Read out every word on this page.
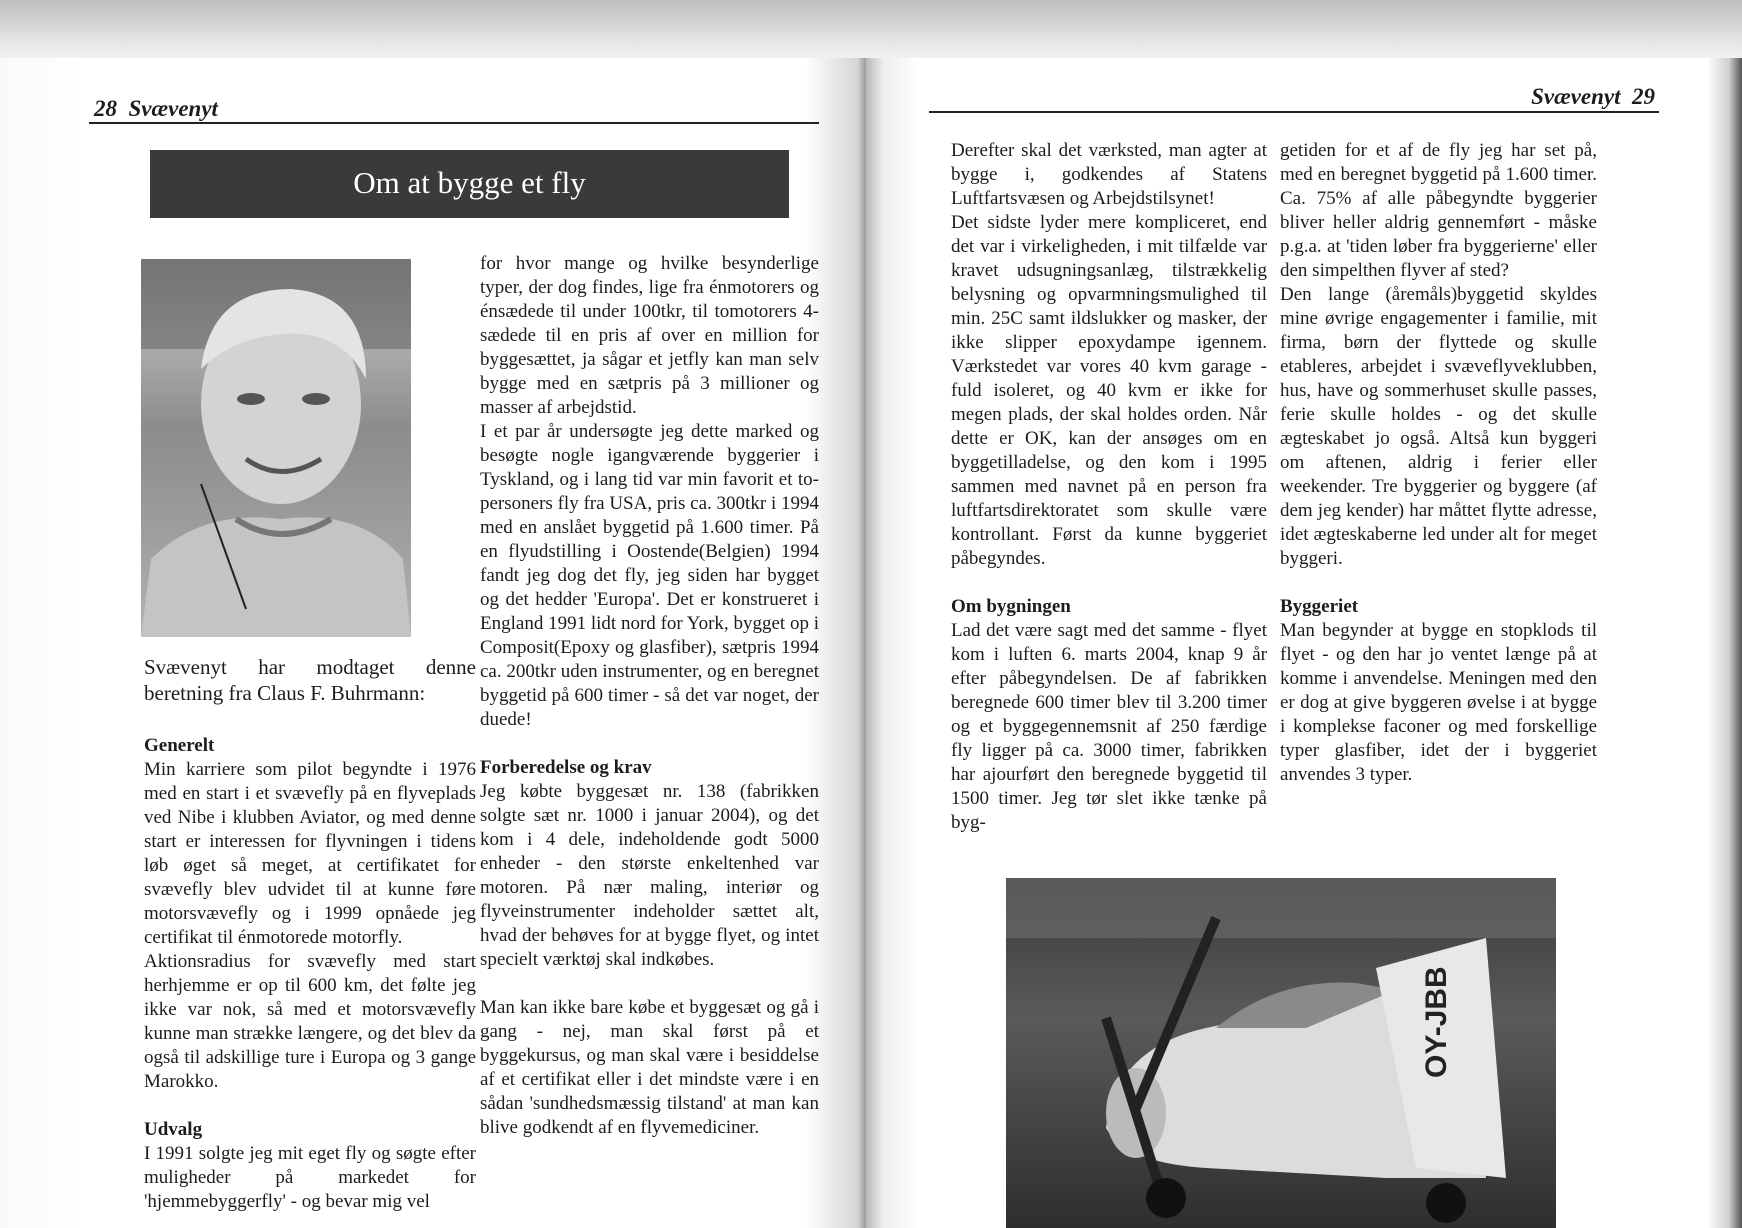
28 Svævenyt
Om at bygge et fly
Svævenyt har modtaget denne beretning fra Claus F. Buhrmann:
Generelt

Min karriere som pilot begyndte i 1976 med en start i et svævefly på en flyveplads ved Nibe i klubben Aviator, og med denne start er interessen for flyvningen i tidens løb øget så meget, at certifikatet for svævefly blev udvidet til at kunne føre motorsvævefly og i 1999 opnåede jeg certifikat til énmotorede motorfly.

Aktionsradius for svævefly med start herhjemme er op til 600 km, det følte jeg ikke var nok, så med et motorsvævefly kunne man strække længere, og det blev da også til adskillige ture i Europa og 3 gange Marokko.

Udvalg

I 1991 solgte jeg mit eget fly og søgte efter muligheder på markedet for 'hjemmebyggerfly' - og bevar mig vel

for hvor mange og hvilke besynderlige typer, der dog findes, lige fra énmotorers og énsædede til under 100tkr, til tomotorers 4-sædede til en pris af over en million for byggesættet, ja sågar et jetfly kan man selv bygge med en sætpris på 3 millioner og masser af arbejdstid.

I et par år undersøgte jeg dette marked og besøgte nogle igangværende byggerier i Tyskland, og i lang tid var min favorit et to-personers fly fra USA, pris ca. 300tkr i 1994 med en anslået byggetid på 1.600 timer. På en flyudstilling i Oostende(Belgien) 1994 fandt jeg dog det fly, jeg siden har bygget og det hedder 'Europa'. Det er konstrueret i England 1991 lidt nord for York, bygget op i Composit(Epoxy og glasfiber), sætpris 1994 ca. 200tkr uden instrumenter, og en beregnet byggetid på 600 timer - så det var noget, der duede!

Forberedelse og krav

Jeg købte byggesæt nr. 138 (fabrikken solgte sæt nr. 1000 i januar 2004), og det kom i 4 dele, indeholdende godt 5000 enheder - den største enkeltenhed var motoren. På nær maling, interiør og flyveinstrumenter indeholder sættet alt, hvad der behøves for at bygge flyet, og intet specielt værktøj skal indkøbes.

Man kan ikke bare købe et byggesæt og gå i gang - nej, man skal først på et byggekursus, og man skal være i besiddelse af et certifikat eller i det mindste være i en sådan 'sundhedsmæssig tilstand' at man kan blive godkendt af en flyvemediciner.

Svævenyt 29

Derefter skal det værksted, man agter at bygge i, godkendes af Statens Luftfartsvæsen og Arbejdstilsynet!

Det sidste lyder mere kompliceret, end det var i virkeligheden, i mit tilfælde var kravet udsugningsanlæg, tilstrækkelig belysning og opvarmningsmulighed til min. 25C samt ildslukker og masker, der ikke slipper epoxydampe igennem. Værkstedet var vores 40 kvm garage - fuld isoleret, og 40 kvm er ikke for megen plads, der skal holdes orden. Når dette er OK, kan der ansøges om en byggetilladelse, og den kom i 1995 sammen med navnet på en person fra luftfartsdirektoratet som skulle være kontrollant. Først da kunne byggeriet påbegyndes.

Om bygningen

Lad det være sagt med det samme - flyet kom i luften 6. marts 2004, knap 9 år efter påbegyndelsen. De af fabrikken beregnede 600 timer blev til 3.200 timer og et byggegennemsnit af 250 færdige fly ligger på ca. 3000 timer, fabrikken har ajourført den beregnede byggetid til 1500 timer. Jeg tør slet ikke tænke på byg-

getiden for et af de fly jeg har set på, med en beregnet byggetid på 1.600 timer. Ca. 75% af alle påbegyndte byggerier bliver heller aldrig gennemført - måske p.g.a. at 'tiden løber fra byggerierne' eller den simpelthen flyver af sted?

Den lange (åremåls)byggetid skyldes mine øvrige engagementer i familie, mit firma, børn der flyttede og skulle etableres, arbejdet i svæveflyveklubben, hus, have og sommerhuset skulle passes, ferie skulle holdes - og det skulle ægteskabet jo også. Altså kun byggeri om aftenen, aldrig i ferier eller weekender. Tre byggerier og byggere (af dem jeg kender) har måttet flytte adresse, idet ægteskaberne led under alt for meget byggeri.

Byggeriet

Man begynder at bygge en stopklods til flyet - og den har jo ventet længe på at komme i anvendelse. Meningen med den er dog at give byggeren øvelse i at bygge i komplekse faconer og med forskellige typer glasfiber, idet der i byggeriet anvendes 3 typer.

OY-JBB
